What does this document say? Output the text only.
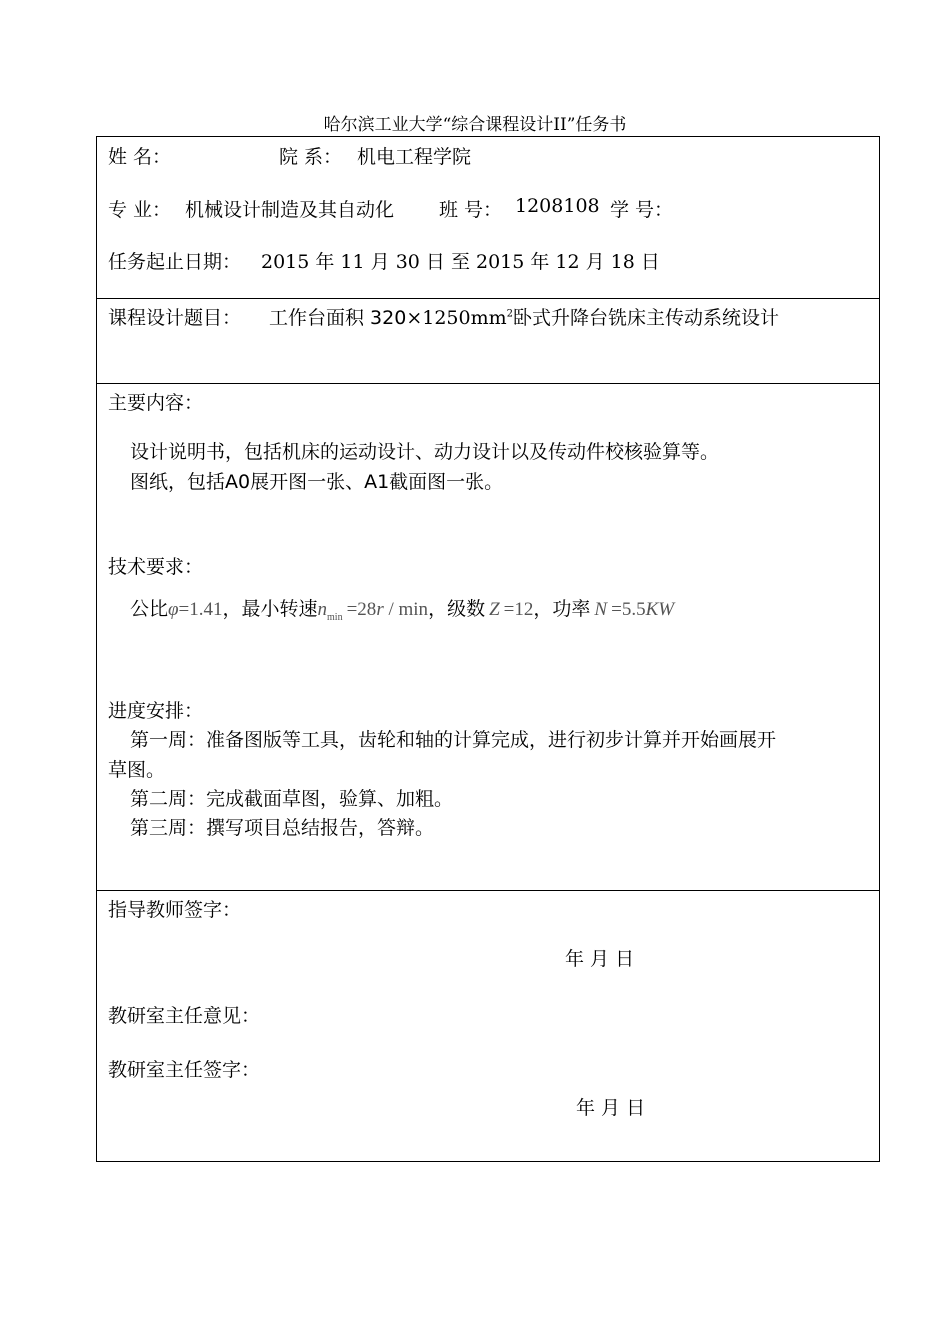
哈尔滨工业大学“综合课程设计II”任务书
姓 名：	院 系： 机电工程学院
专 业： 机械设计制造及其自动化 班 号： 1208108 学 号：
任务起止日期： 2015 年 11 月 30 日 至 2015 年 12 月 18 日
课程设计题目： 工作台面积 $320\times 1250mm^2$卧式升降台铣床主传动系统设计
主要内容：
设计说明书，包括机床的运动设计、动力设计以及传动件校核验算等。
图纸，包括A0展开图一张、A1截面图一张。
技术要求：
公比φ=1.41，最小转速$n_{min} =28r / \min$，级数 Z =12，功率 N =5.5KW
进度安排：
第一周：准备图版等工具，齿轮和轴的计算完成，进行初步计算并开始画展开
草图。
第二周：完成截面草图，验算、加粗。
第三周：撰写项目总结报告，答辩。
指导教师签字：
年 月 日
教研室主任意见：
教研室主任签字：
年 月 日
